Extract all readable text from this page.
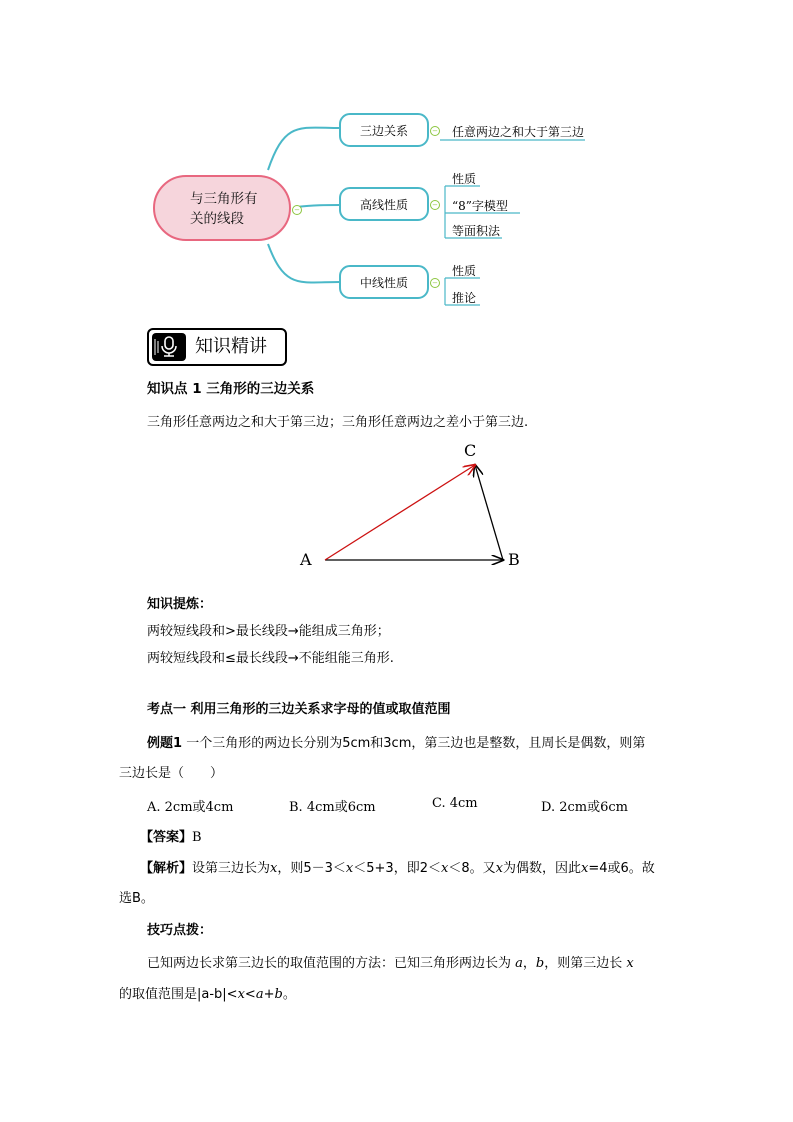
与三角形有
关的线段
−
三边关系	−
高线性质	−
中线性质	−
任意两边之和大于第三边
性质
“8”字模型
等面积法
性质
推论
知识精讲
知识点 1 三角形的三边关系
三角形任意两边之和大于第三边；三角形任意两边之差小于第三边.
A	B
C
知识提炼：
两较短线段和>最长线段→能组成三角形；
两较短线段和≤最长线段→不能组能三角形.
考点一 利用三角形的三边关系求字母的值或取值范围
例题1 一个三角形的两边长分别为5cm和3cm，第三边也是整数，且周长是偶数，则第
三边长是（　　）
A. 2cm或4cm	B. 4cm或6cm	C. 4cm	D. 2cm或6cm
【答案】B
【解析】设第三边长为x，则5－3＜x＜5+3，即2＜x＜8。又x为偶数，因此x=4或6。故
选B。
技巧点拨：
已知两边长求第三边长的取值范围的方法：已知三角形两边长为 a，b，则第三边长 x
的取值范围是|a-b|<x<a+b。
